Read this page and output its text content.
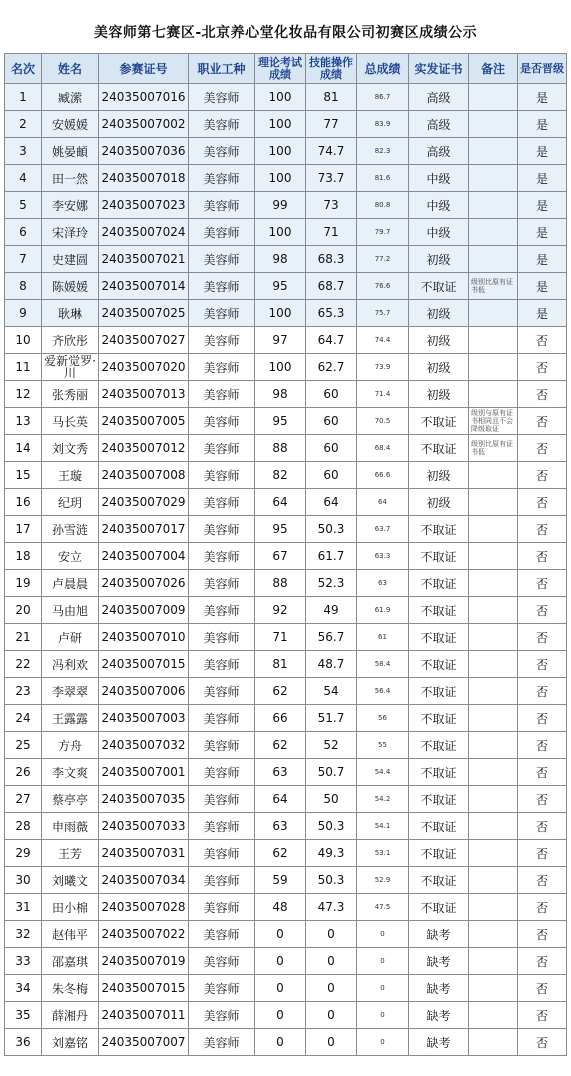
美容师第七赛区-北京养心堂化妆品有限公司初赛区成绩公示
名次	姓名	参赛证号	职业工种	理论考试成绩	技能操作成绩	总成绩	实发证书	备注	是否晋级
1	臧潆	24035007016	美容师	100	81	86.7	高级		是
2	安媛媛	24035007002	美容师	100	77	83.9	高级		是
3	姚晏頔	24035007036	美容师	100	74.7	82.3	高级		是
4	田一然	24035007018	美容师	100	73.7	81.6	中级		是
5	李安娜	24035007023	美容师	99	73	80.8	中级		是
6	宋泽玲	24035007024	美容师	100	71	79.7	中级		是
7	史建圆	24035007021	美容师	98	68.3	77.2	初级		是
8	陈媛媛	24035007014	美容师	95	68.7	76.6	不取证	级别比原有证书低	是
9	耿琳	24035007025	美容师	100	65.3	75.7	初级		是
10	齐欣彤	24035007027	美容师	97	64.7	74.4	初级		否
11	爱新觉罗·川	24035007020	美容师	100	62.7	73.9	初级		否
12	张秀丽	24035007013	美容师	98	60	71.4	初级		否
13	马长英	24035007005	美容师	95	60	70.5	不取证	级别与原有证书相同且不会降级取证	否
14	刘文秀	24035007012	美容师	88	60	68.4	不取证	级别比原有证书低	否
15	王璇	24035007008	美容师	82	60	66.6	初级		否
16	纪玥	24035007029	美容师	64	64	64	初级		否
17	孙雪涟	24035007017	美容师	95	50.3	63.7	不取证		否
18	安立	24035007004	美容师	67	61.7	63.3	不取证		否
19	卢晨晨	24035007026	美容师	88	52.3	63	不取证		否
20	马由旭	24035007009	美容师	92	49	61.9	不取证		否
21	卢研	24035007010	美容师	71	56.7	61	不取证		否
22	冯利欢	24035007015	美容师	81	48.7	58.4	不取证		否
23	李翠翠	24035007006	美容师	62	54	56.4	不取证		否
24	王露露	24035007003	美容师	66	51.7	56	不取证		否
25	方舟	24035007032	美容师	62	52	55	不取证		否
26	李文爽	24035007001	美容师	63	50.7	54.4	不取证		否
27	蔡亭亭	24035007035	美容师	64	50	54.2	不取证		否
28	申雨薇	24035007033	美容师	63	50.3	54.1	不取证		否
29	王芳	24035007031	美容师	62	49.3	53.1	不取证		否
30	刘曦文	24035007034	美容师	59	50.3	52.9	不取证		否
31	田小棉	24035007028	美容师	48	47.3	47.5	不取证		否
32	赵伟平	24035007022	美容师	0	0	0	缺考		否
33	邵嘉琪	24035007019	美容师	0	0	0	缺考		否
34	朱冬梅	24035007015	美容师	0	0	0	缺考		否
35	薛湘丹	24035007011	美容师	0	0	0	缺考		否
36	刘嘉铭	24035007007	美容师	0	0	0	缺考		否
